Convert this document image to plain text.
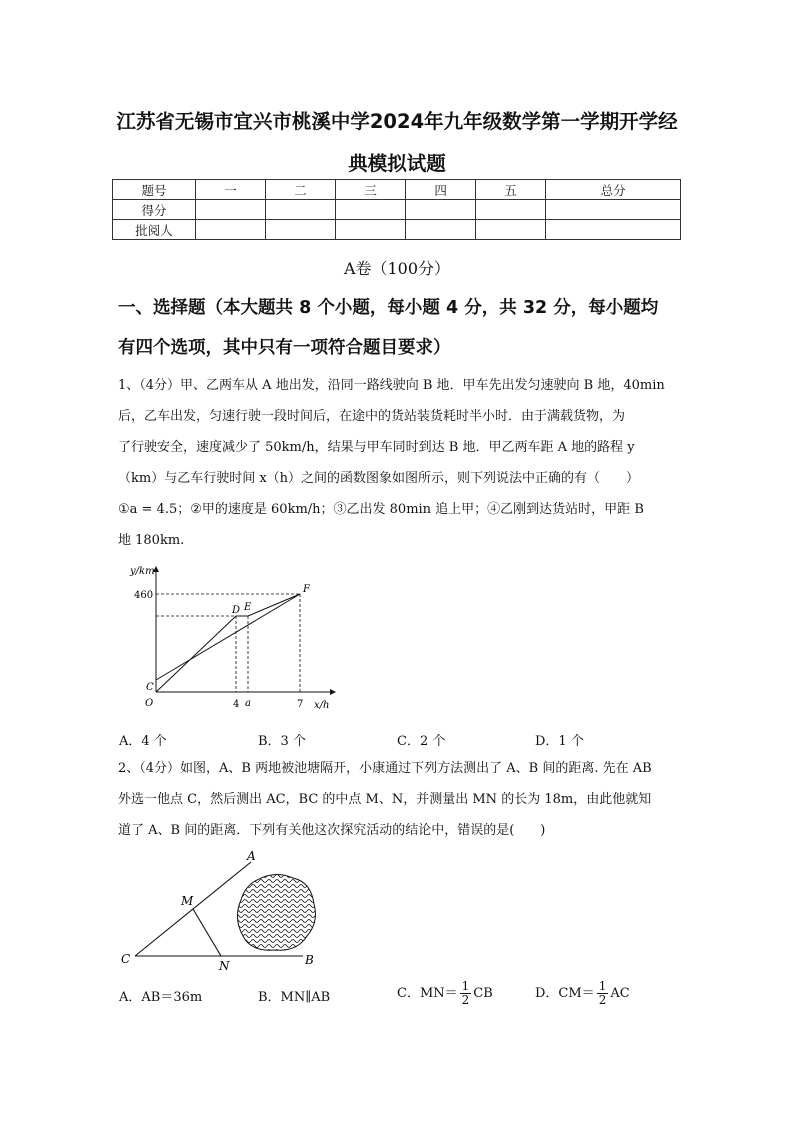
江苏省无锡市宜兴市桃溪中学2024年九年级数学第一学期开学经
典模拟试题
题号	一	二	三	四	五	总分
得分						
批阅人						
A卷（100分）
一、选择题（本大题共 8 个小题，每小题 4 分，共 32 分，每小题均
有四个选项，其中只有一项符合题目要求）
1、（4分）甲、乙两车从 A 地出发，沿同一路线驶向 B 地．甲车先出发匀速驶向 B 地，40min
后，乙车出发，匀速行驶一段时间后，在途中的货站装货耗时半小时．由于满载货物，为
了行驶安全，速度减少了 50km/h，结果与甲车同时到达 B 地．甲乙两车距 A 地的路程 y
（km）与乙车行驶时间 x（h）之间的函数图象如图所示，则下列说法中正确的有（　　）
①a = 4.5；②甲的速度是 60km/h；③乙出发 80min 追上甲；④乙刚到达货站时，甲距 B
地 180km.
y/km
x/h
460
4 a	7
C
D E
F
O
A．4 个	B．3 个	C．2 个	D．1 个
2、（4分）如图，A、B 两地被池塘隔开，小康通过下列方法测出了 A、B 间的距离. 先在 AB
外选一他点 C，然后测出 AC，BC 的中点 M、N，并测量出 MN 的长为 18m，由此他就知
道了 A、B 间的距离．下列有关他这次探究活动的结论中，错误的是(　　)
A
M
C	N	B
A．AB＝36m	B．MN∥AB	C．$MN= \frac{1}{2}$ CB	D．$CM= \frac{1}{2}$ AC
